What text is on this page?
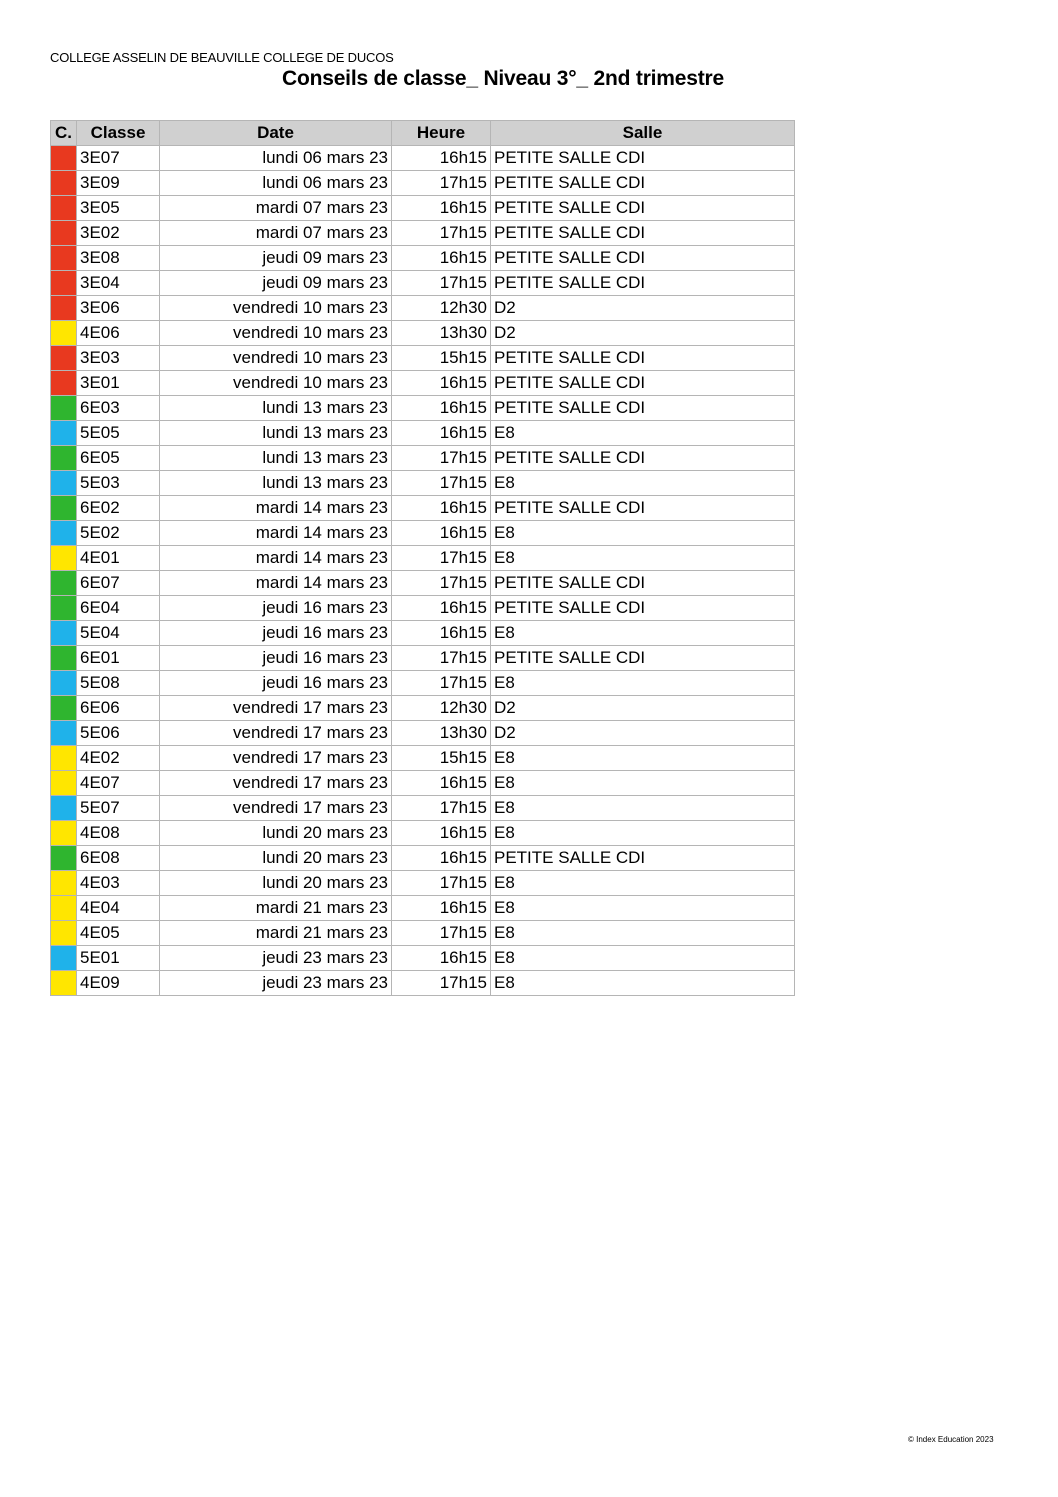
COLLEGE ASSELIN DE BEAUVILLE COLLEGE DE DUCOS
Conseils de classe_ Niveau 3°_ 2nd trimestre
C.	Classe	Date	Heure	Salle
	3E07	lundi 06 mars 23	16h15	PETITE SALLE CDI
	3E09	lundi 06 mars 23	17h15	PETITE SALLE CDI
	3E05	mardi 07 mars 23	16h15	PETITE SALLE CDI
	3E02	mardi 07 mars 23	17h15	PETITE SALLE CDI
	3E08	jeudi 09 mars 23	16h15	PETITE SALLE CDI
	3E04	jeudi 09 mars 23	17h15	PETITE SALLE CDI
	3E06	vendredi 10 mars 23	12h30	D2
	4E06	vendredi 10 mars 23	13h30	D2
	3E03	vendredi 10 mars 23	15h15	PETITE SALLE CDI
	3E01	vendredi 10 mars 23	16h15	PETITE SALLE CDI
	6E03	lundi 13 mars 23	16h15	PETITE SALLE CDI
	5E05	lundi 13 mars 23	16h15	E8
	6E05	lundi 13 mars 23	17h15	PETITE SALLE CDI
	5E03	lundi 13 mars 23	17h15	E8
	6E02	mardi 14 mars 23	16h15	PETITE SALLE CDI
	5E02	mardi 14 mars 23	16h15	E8
	4E01	mardi 14 mars 23	17h15	E8
	6E07	mardi 14 mars 23	17h15	PETITE SALLE CDI
	6E04	jeudi 16 mars 23	16h15	PETITE SALLE CDI
	5E04	jeudi 16 mars 23	16h15	E8
	6E01	jeudi 16 mars 23	17h15	PETITE SALLE CDI
	5E08	jeudi 16 mars 23	17h15	E8
	6E06	vendredi 17 mars 23	12h30	D2
	5E06	vendredi 17 mars 23	13h30	D2
	4E02	vendredi 17 mars 23	15h15	E8
	4E07	vendredi 17 mars 23	16h15	E8
	5E07	vendredi 17 mars 23	17h15	E8
	4E08	lundi 20 mars 23	16h15	E8
	6E08	lundi 20 mars 23	16h15	PETITE SALLE CDI
	4E03	lundi 20 mars 23	17h15	E8
	4E04	mardi 21 mars 23	16h15	E8
	4E05	mardi 21 mars 23	17h15	E8
	5E01	jeudi 23 mars 23	16h15	E8
	4E09	jeudi 23 mars 23	17h15	E8
© Index Education 2023
